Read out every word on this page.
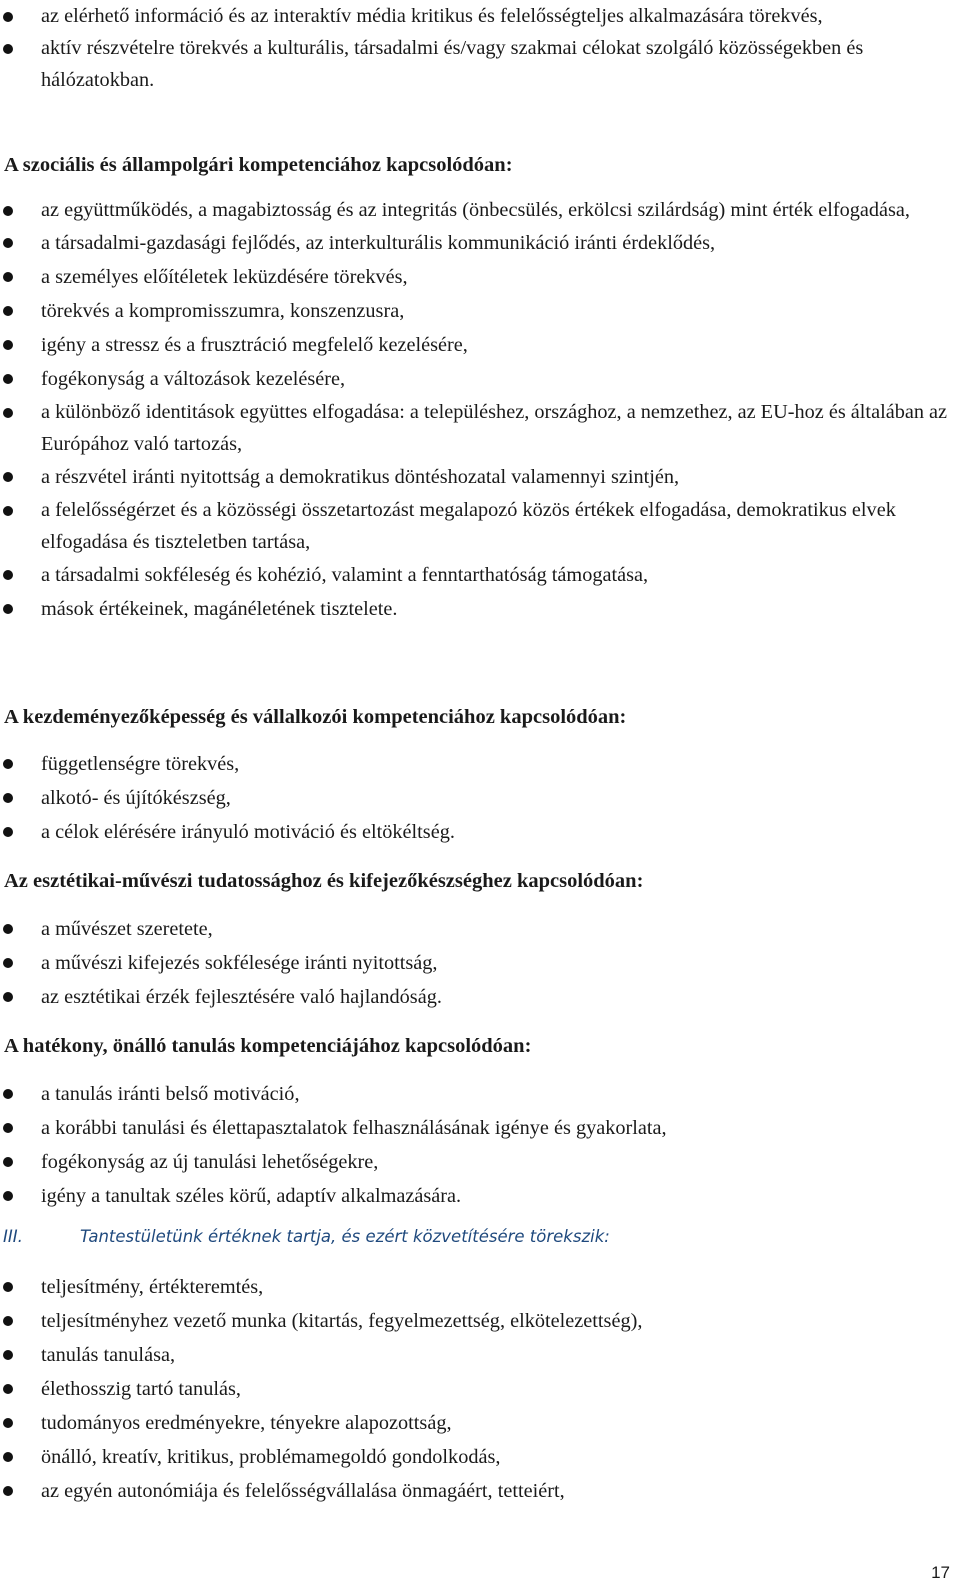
az elérhető információ és az interaktív média kritikus és felelősségteljes alkalmazására törekvés,
aktív részvételre törekvés a kulturális, társadalmi és/vagy szakmai célokat szolgáló közösségekben és hálózatokban.
A szociális és állampolgári kompetenciához kapcsolódóan:
az együttműködés, a magabiztosság és az integritás (önbecsülés, erkölcsi szilárdság) mint érték elfogadása,
a társadalmi-gazdasági fejlődés, az interkulturális kommunikáció iránti érdeklődés,
a személyes előítéletek leküzdésére törekvés,
törekvés a kompromisszumra, konszenzusra,
igény a stressz és a frusztráció megfelelő kezelésére,
fogékonyság a változások kezelésére,
a különböző identitások együttes elfogadása: a településhez, országhoz, a nemzethez, az EU-hoz és általában az Európához való tartozás,
a részvétel iránti nyitottság a demokratikus döntéshozatal valamennyi szintjén,
a felelősségérzet és a közösségi összetartozást megalapozó közös értékek elfogadása, demokratikus elvek elfogadása és tiszteletben tartása,
a társadalmi sokféleség és kohézió, valamint a fenntarthatóság támogatása,
mások értékeinek, magánéletének tisztelete.
A kezdeményezőképesség és vállalkozói kompetenciához kapcsolódóan:
függetlenségre törekvés,
alkotó- és újítókészség,
a célok elérésére irányuló motiváció és eltökéltség.
Az esztétikai-művészi tudatossághoz és kifejezőkészséghez kapcsolódóan:
a művészet szeretete,
a művészi kifejezés sokfélesége iránti nyitottság,
az esztétikai érzék fejlesztésére való hajlandóság.
A hatékony, önálló tanulás kompetenciájához kapcsolódóan:
a tanulás iránti belső motiváció,
a korábbi tanulási és élettapasztalatok felhasználásának igénye és gyakorlata,
fogékonyság az új tanulási lehetőségekre,
igény a tanultak széles körű, adaptív alkalmazására.
III.	Tantestületünk értéknek tartja, és ezért közvetítésére törekszik:
teljesítmény, értékteremtés,
teljesítményhez vezető munka (kitartás, fegyelmezettség, elkötelezettség),
tanulás tanulása,
élethosszig tartó tanulás,
tudományos eredményekre, tényekre alapozottság,
önálló, kreatív, kritikus, problémamegoldó gondolkodás,
az egyén autonómiája és felelősségvállalása önmagáért, tetteiért,
17
